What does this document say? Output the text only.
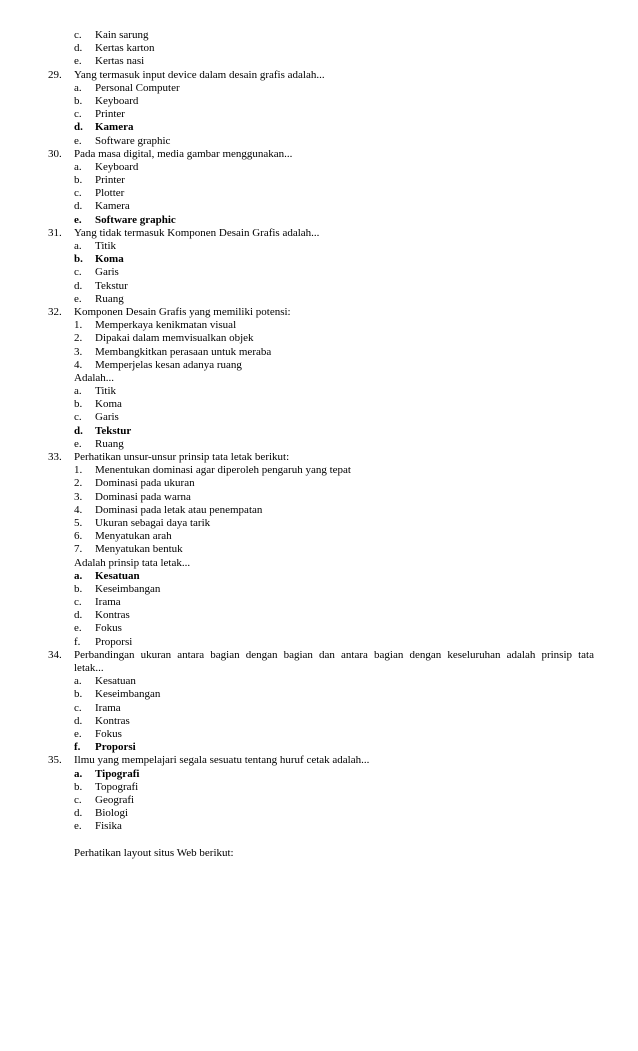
c. Kain sarung
d. Kertas karton
e. Kertas nasi
29. Yang termasuk input device dalam desain grafis adalah...
a. Personal Computer
b. Keyboard
c. Printer
d. Kamera
e. Software graphic
30. Pada masa digital, media gambar menggunakan...
a. Keyboard
b. Printer
c. Plotter
d. Kamera
e. Software graphic
31. Yang tidak termasuk Komponen Desain Grafis adalah...
a. Titik
b. Koma
c. Garis
d. Tekstur
e. Ruang
32. Komponen Desain Grafis yang memiliki potensi:
1. Memperkaya kenikmatan visual
2. Dipakai dalam memvisualkan objek
3. Membangkitkan perasaan untuk meraba
4. Memperjelas kesan adanya ruang
Adalah...
a. Titik
b. Koma
c. Garis
d. Tekstur
e. Ruang
33. Perhatikan unsur-unsur prinsip tata letak berikut:
1. Menentukan dominasi agar diperoleh pengaruh yang tepat
2. Dominasi pada ukuran
3. Dominasi pada warna
4. Dominasi pada letak atau penempatan
5. Ukuran sebagai daya tarik
6. Menyatukan arah
7. Menyatukan bentuk
Adalah prinsip tata letak...
a. Kesatuan
b. Keseimbangan
c. Irama
d. Kontras
e. Fokus
f. Proporsi
34. Perbandingan ukuran antara bagian dengan bagian dan antara bagian dengan keseluruhan adalah prinsip tata
letak...
a. Kesatuan
b. Keseimbangan
c. Irama
d. Kontras
e. Fokus
f. Proporsi
35. Ilmu yang mempelajari segala sesuatu tentang huruf cetak adalah...
a. Tipografi
b. Topografi
c. Geografi
d. Biologi
e. Fisika
Perhatikan layout situs Web berikut:
